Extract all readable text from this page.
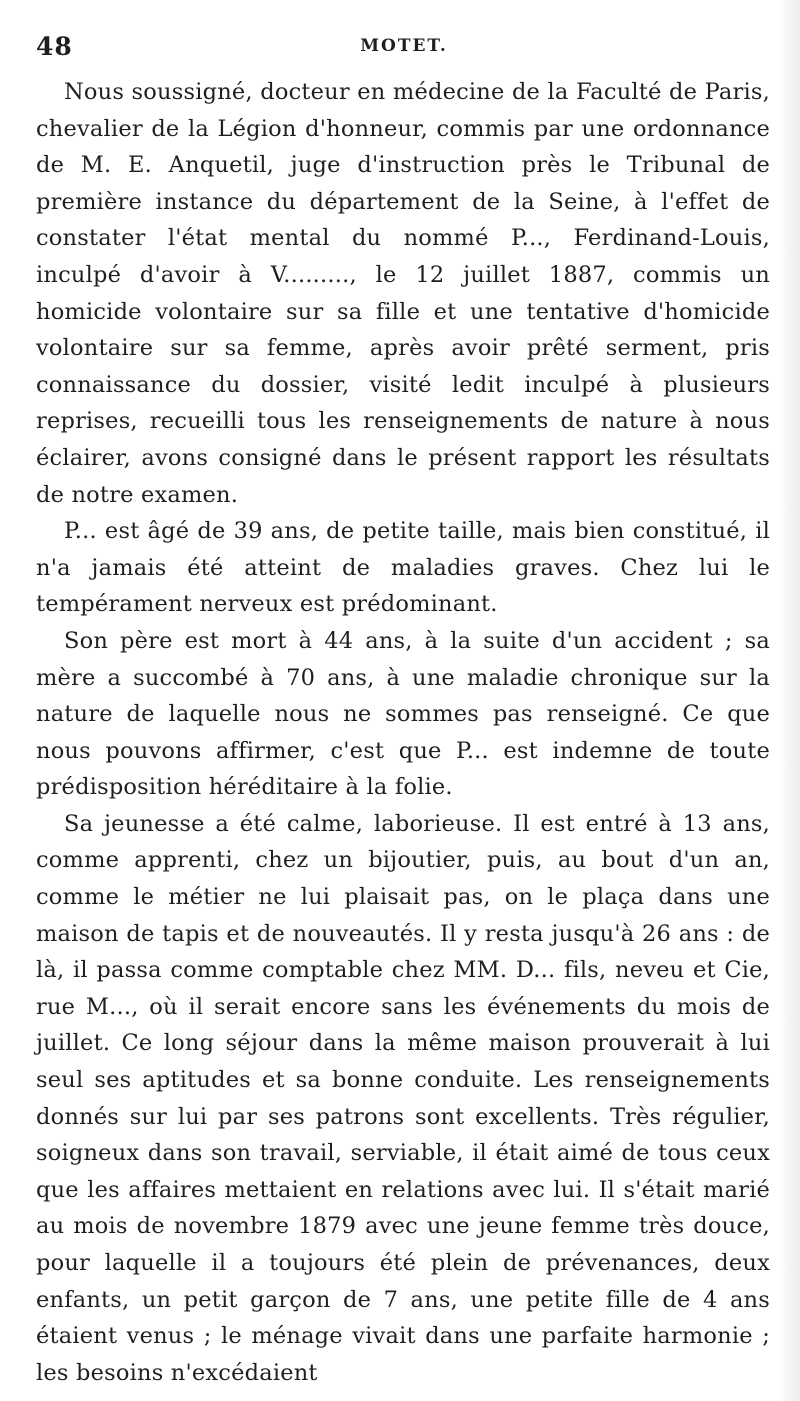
48	MOTET.

Nous soussigné, docteur en médecine de la Faculté de Paris, chevalier de la Légion d'honneur, commis par une ordonnance de M. E. Anquetil, juge d'instruction près le Tribunal de première instance du département de la Seine, à l'effet de constater l'état mental du nommé P..., Ferdinand-Louis, inculpé d'avoir à V........., le 12 juillet 1887, commis un homicide volontaire sur sa fille et une tentative d'homicide volontaire sur sa femme, après avoir prêté serment, pris connaissance du dossier, visité ledit inculpé à plusieurs reprises, recueilli tous les renseignements de nature à nous éclairer, avons consigné dans le présent rapport les résultats de notre examen.

P... est âgé de 39 ans, de petite taille, mais bien constitué, il n'a jamais été atteint de maladies graves. Chez lui le tempérament nerveux est prédominant.

Son père est mort à 44 ans, à la suite d'un accident ; sa mère a succombé à 70 ans, à une maladie chronique sur la nature de laquelle nous ne sommes pas renseigné. Ce que nous pouvons affirmer, c'est que P... est indemne de toute prédisposition héréditaire à la folie.

Sa jeunesse a été calme, laborieuse. Il est entré à 13 ans, comme apprenti, chez un bijoutier, puis, au bout d'un an, comme le métier ne lui plaisait pas, on le plaça dans une maison de tapis et de nouveautés. Il y resta jusqu'à 26 ans : de là, il passa comme comptable chez MM. D... fils, neveu et Cie, rue M..., où il serait encore sans les événements du mois de juillet. Ce long séjour dans la même maison prouverait à lui seul ses aptitudes et sa bonne conduite. Les renseignements donnés sur lui par ses patrons sont excellents. Très régulier, soigneux dans son travail, serviable, il était aimé de tous ceux que les affaires mettaient en relations avec lui. Il s'était marié au mois de novembre 1879 avec une jeune femme très douce, pour laquelle il a toujours été plein de prévenances, deux enfants, un petit garçon de 7 ans, une petite fille de 4 ans étaient venus ; le ménage vivait dans une parfaite harmonie ; les besoins n'excédaient
